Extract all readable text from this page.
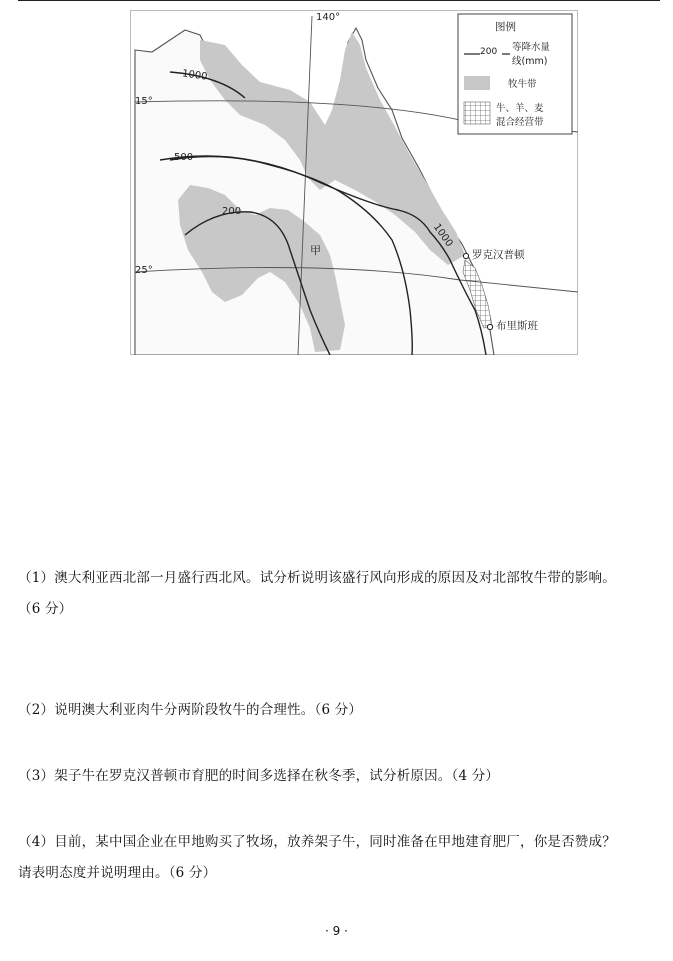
140°
15°
25°
1000
500
200
1000
甲	罗克汉普顿
布里斯班
图例
200 等降水量
线(mm)
牧牛带
牛、羊、麦
混合经营带
（1）澳大利亚西北部一月盛行西北风。试分析说明该盛行风向形成的原因及对北部牧牛带的影响。
（6 分）
（2）说明澳大利亚肉牛分两阶段牧牛的合理性。（6 分）
（3）架子牛在罗克汉普顿市育肥的时间多选择在秋冬季，试分析原因。（4 分）
（4）目前，某中国企业在甲地购买了牧场，放养架子牛，同时准备在甲地建育肥厂，你是否赞成？
请表明态度并说明理由。（6 分）
· 9 ·
